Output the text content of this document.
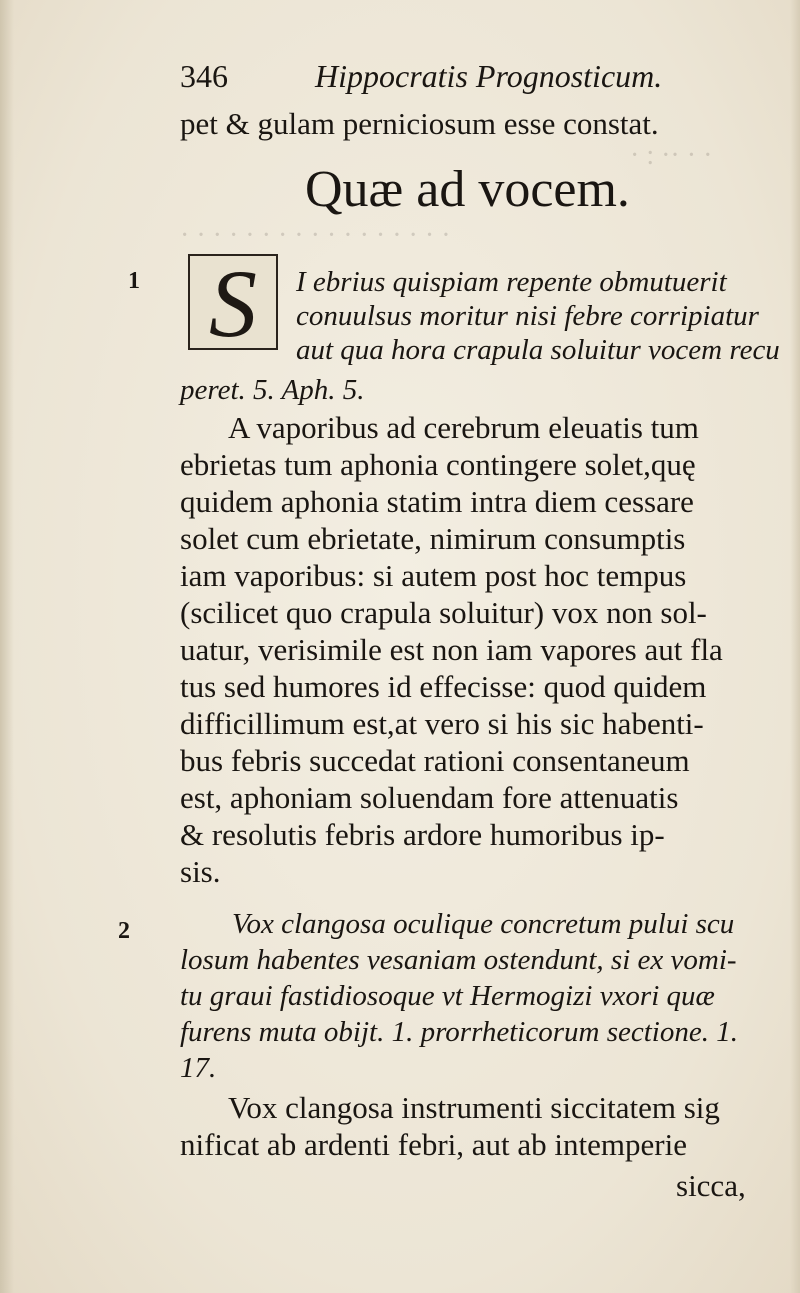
· : ·· · ·
· · · · · · · · · · · · · · · · ·
346	Hippocratis Prognosticum.
pet & gulam perniciosum esse constat.
Quæ ad vocem.
1 S	I ebrius quispiam repente obmutuerit
conuulsus moritur nisi febre corripiatur
aut qua hora crapula soluitur vocem recu
peret. 5. Aph. 5.
A vaporibus ad cerebrum eleuatis tum
ebrietas tum aphonia contingere solet,quę
quidem aphonia statim intra diem cessare
solet cum ebrietate, nimirum consumptis
iam vaporibus: si autem post hoc tempus
(scilicet quo crapula soluitur) vox non sol-
uatur, verisimile est non iam vapores aut fla
tus sed humores id effecisse: quod quidem
difficillimum est,at vero si his sic habenti-
bus febris succedat rationi consentaneum
est, aphoniam soluendam fore attenuatis
& resolutis febris ardore humoribus ip-
sis.
2	Vox clangosa oculique concretum pului scu
losum habentes vesaniam ostendunt, si ex vomi-
tu graui fastidiosoque vt Hermogizi vxori quæ
furens muta obijt. 1. prorrheticorum sectione. 1.
17.
Vox clangosa instrumenti siccitatem sig
nificat ab ardenti febri, aut ab intemperie
sicca,
